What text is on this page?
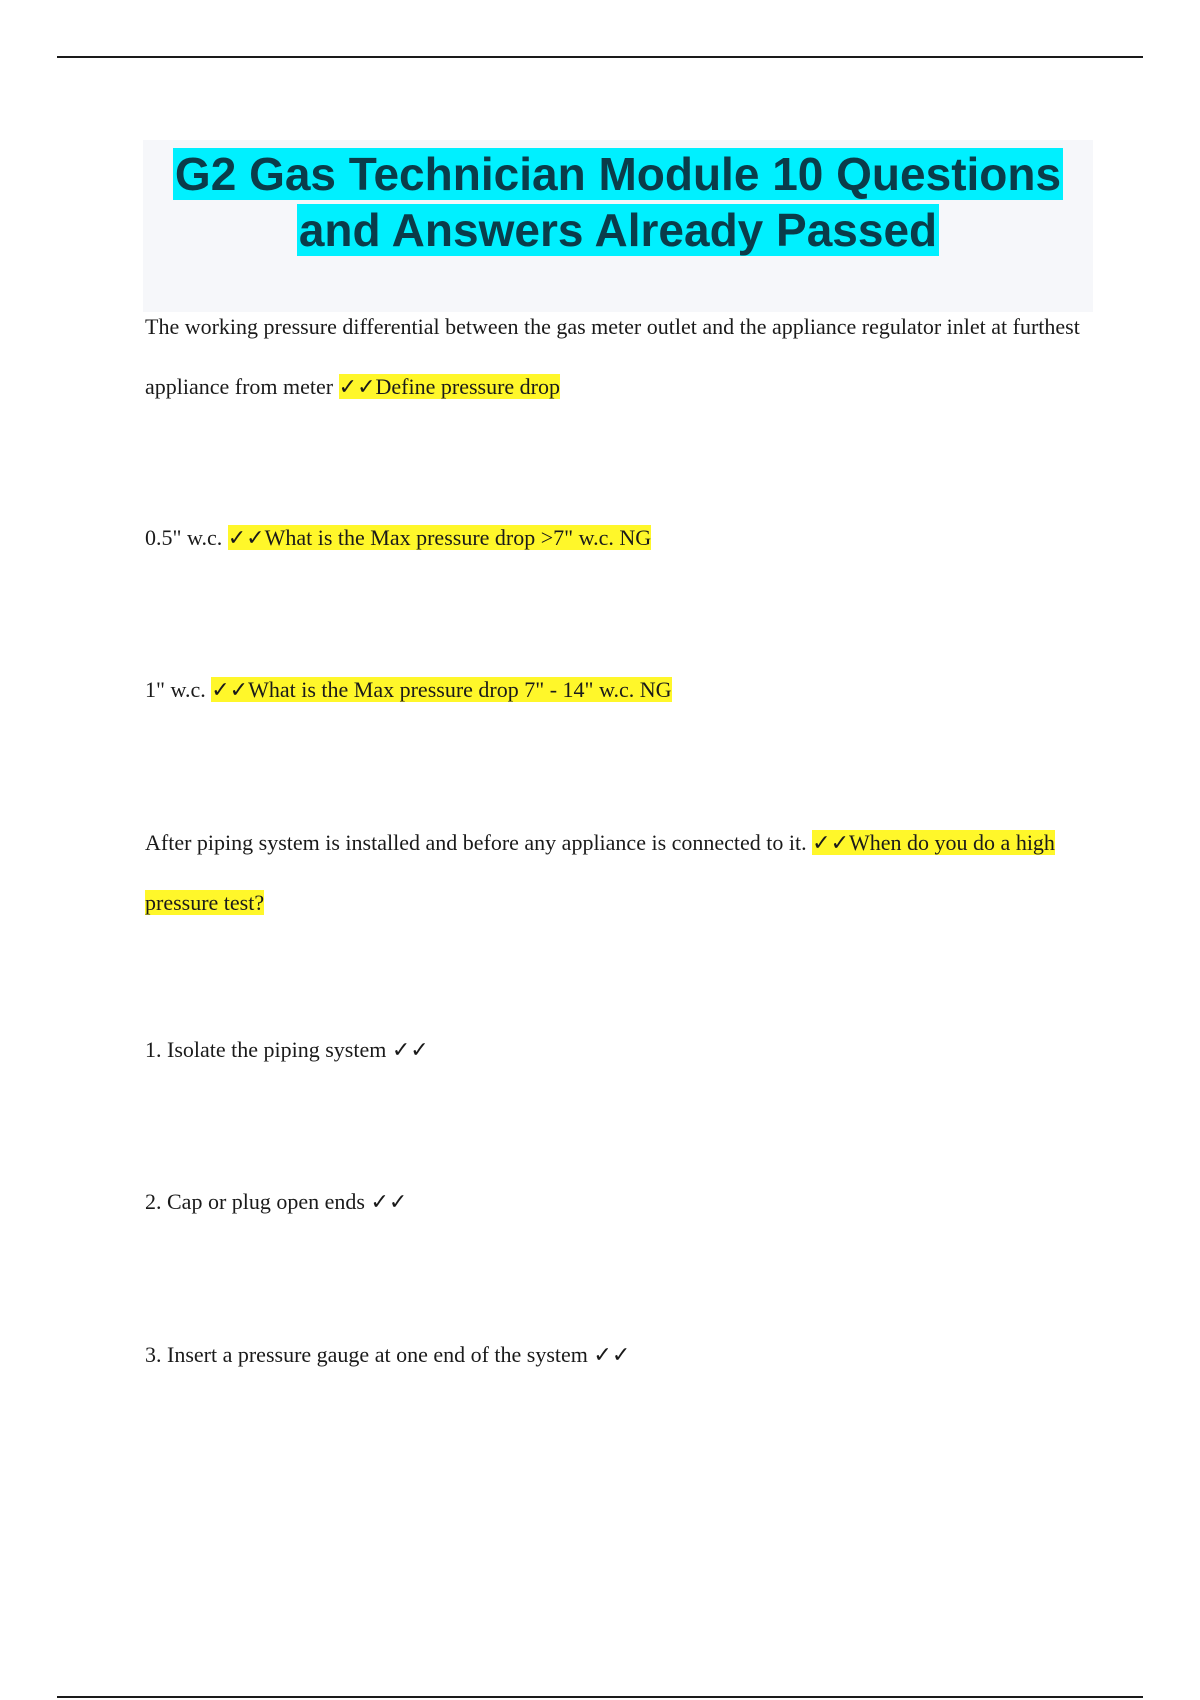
G2 Gas Technician Module 10 Questions
and Answers Already Passed

The working pressure differential between the gas meter outlet and the appliance regulator inlet at furthest appliance from meter ✓✓Define pressure drop

0.5" w.c. ✓✓What is the Max pressure drop >7" w.c. NG

1" w.c. ✓✓What is the Max pressure drop 7" - 14" w.c. NG

After piping system is installed and before any appliance is connected to it. ✓✓When do you do a high pressure test?

1. Isolate the piping system ✓✓

2. Cap or plug open ends ✓✓

3. Insert a pressure gauge at one end of the system ✓✓
